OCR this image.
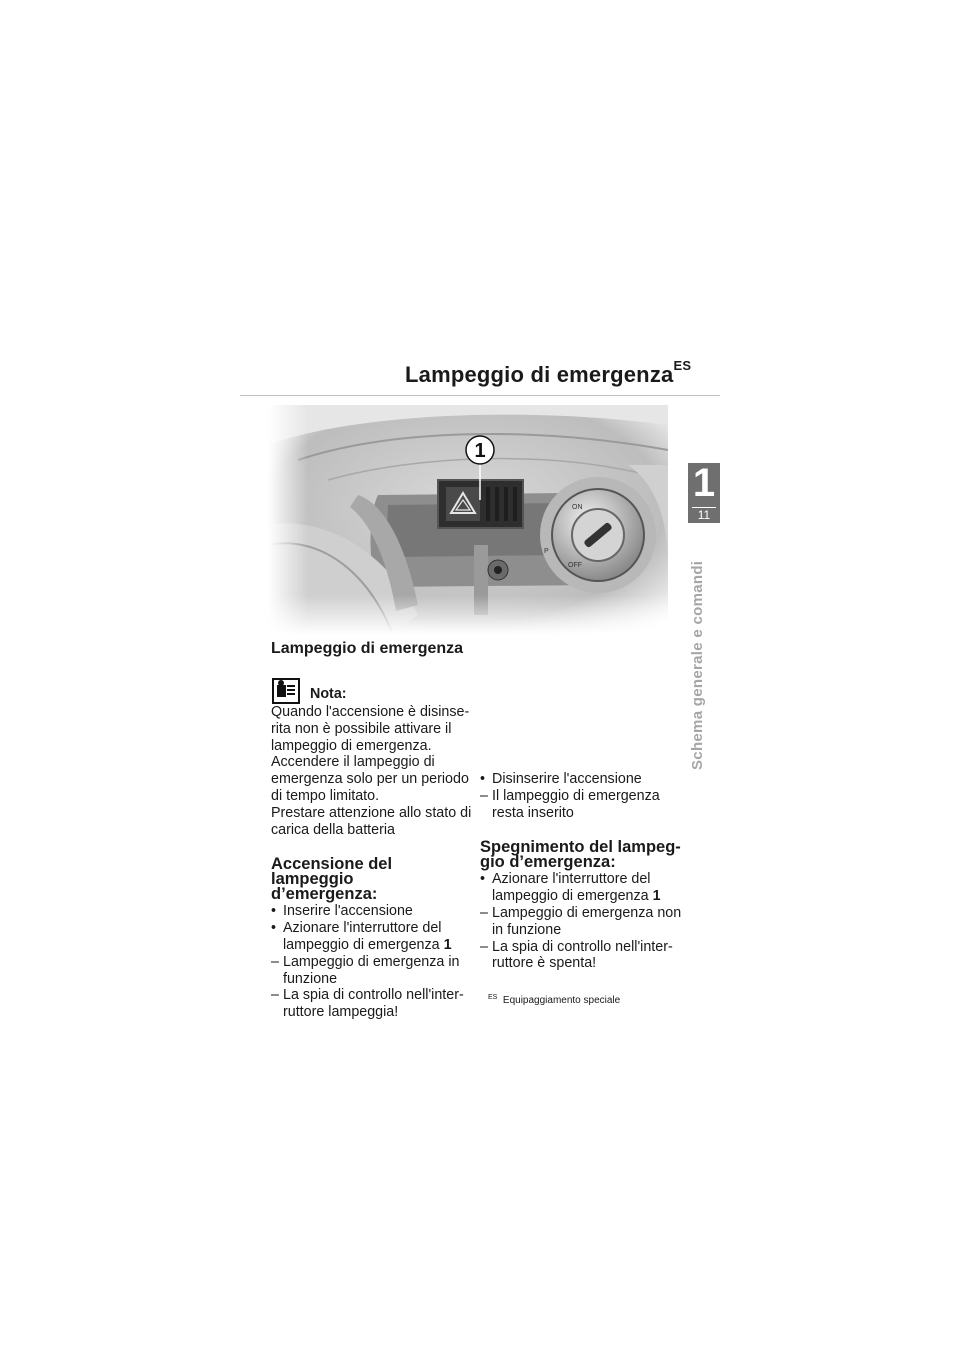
Lampeggio di emergenza$^{ES}$
1
11
Schema generale e comandi
1
ON
OFF
P
Lampeggio di emergenza
Nota:
Quando l'accensione è disinse-
rita non è possibile attivare il
lampeggio di emergenza.
Accendere il lampeggio di
emergenza solo per un periodo
di tempo limitato.
Prestare attenzione allo stato di
carica della batteria
Accensione del lampeggio
d’emergenza:
• Inserire l'accensione
• Azionare l'interruttore del
lampeggio di emergenza 1
– Lampeggio di emergenza in
funzione
– La spia di controllo nell'inter-
ruttore lampeggia!
• Disinserire l'accensione
– Il lampeggio di emergenza
resta inserito
Spegnimento del lampeg-
gio d’emergenza:
• Azionare l'interruttore del
lampeggio di emergenza 1
– Lampeggio di emergenza non
in funzione
– La spia di controllo nell'inter-
ruttore è spenta!
$^{ES}$ Equipaggiamento speciale
